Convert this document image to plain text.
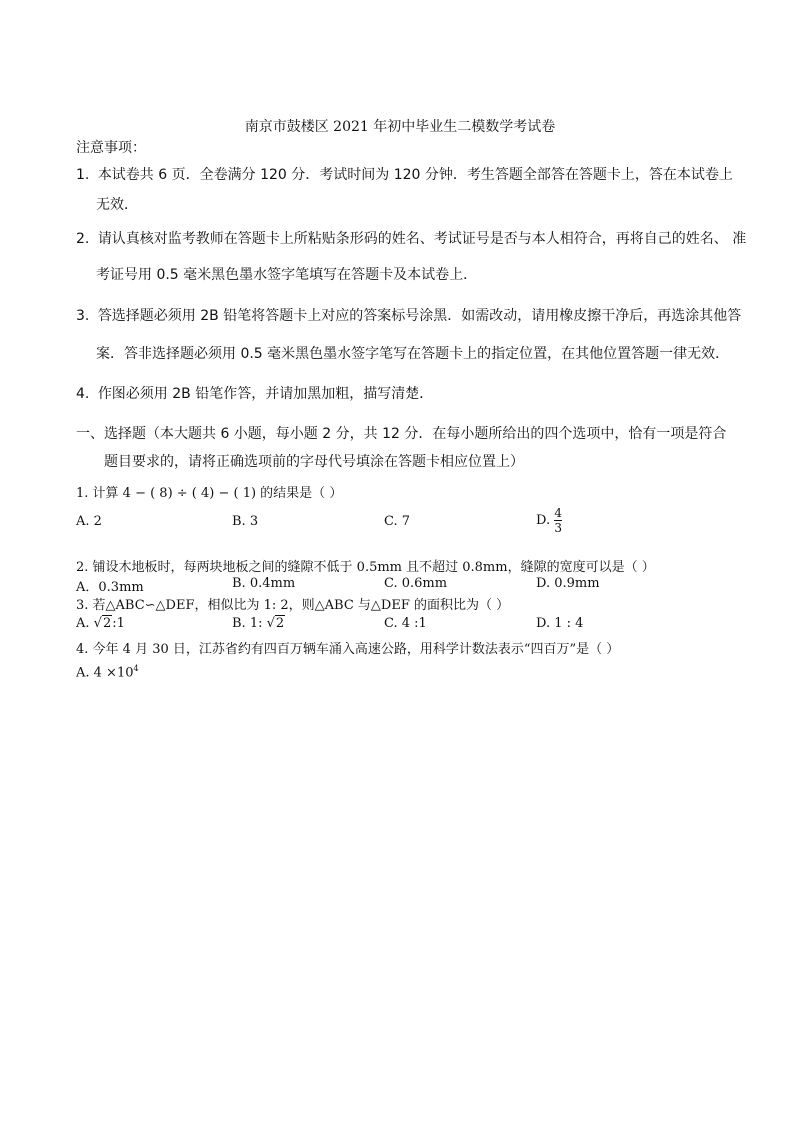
南京市鼓楼区 2021 年初中毕业生二模数学考试卷
注意事项：
1. 本试卷共 6 页．全卷满分 120 分．考试时间为 120 分钟．考生答题全部答在答题卡上，答在本试卷上
无效．
2. 请认真核对监考教师在答题卡上所粘贴条形码的姓名、考试证号是否与本人相符合，再将自己的姓名、 准
考证号用 0.5 毫米黑色墨水签字笔填写在答题卡及本试卷上．
3. 答选择题必须用 2B 铅笔将答题卡上对应的答案标号涂黑．如需改动，请用橡皮擦干净后，再选涂其他答
案．答非选择题必须用 0.5 毫米黑色墨水签字笔写在答题卡上的指定位置，在其他位置答题一律无效．
4. 作图必须用 2B 铅笔作答，并请加黑加粗，描写清楚．
一、选择题（本大题共 6 小题，每小题 2 分，共 12 分．在每小题所给出的四个选项中，恰有一项是符合
题目要求的，请将正确选项前的字母代号填涂在答题卡相应位置上）
1. 计算 4 − ( 8) ÷ ( 4) − ( 1) 的结果是（ ）
A. 2	B. 3	C. 7	D. $\frac{4}{3}$
2. 铺设木地板时，每两块地板之间的缝隙不低于 0.5mm 且不超过 0.8mm，缝隙的宽度可以是（ ）
A．0.3mm	B. 0.4mm	C. 0.6mm	D. 0.9mm
3. 若△ABC∽△DEF，相似比为 1: 2，则△ABC 与△DEF 的面积比为（ ）
A. √2:1	B. 1: √2	C. 4 :1	D. 1 : 4
4. 今年 4 月 30 日，江苏省约有四百万辆车涌入高速公路，用科学计数法表示“四百万”是（ ）
A. $4 \times 10^4$
